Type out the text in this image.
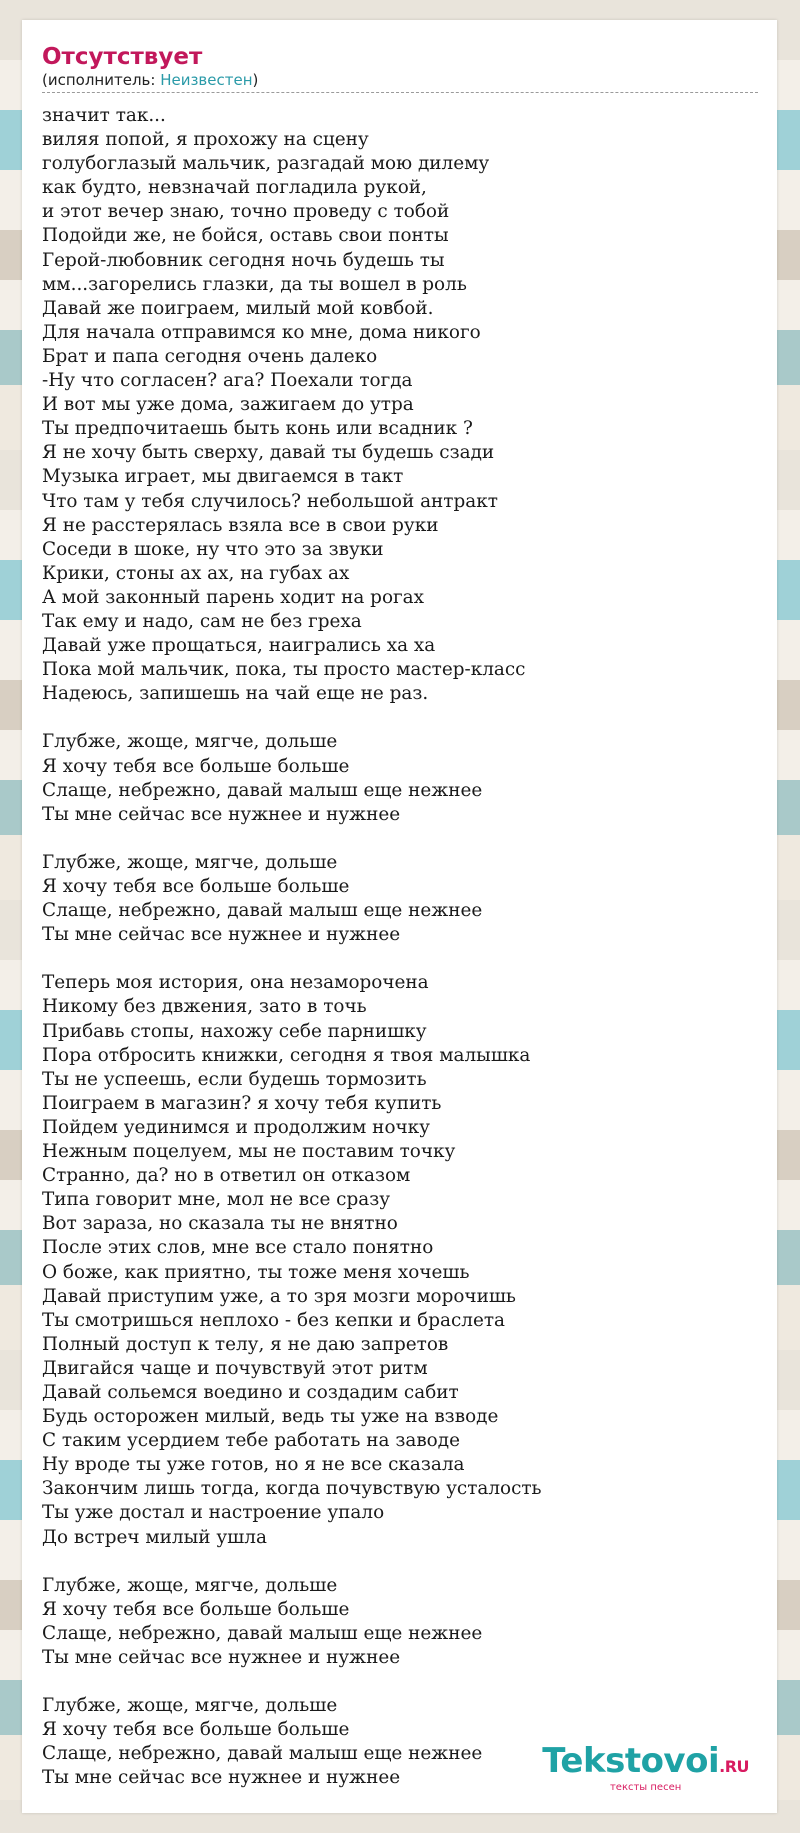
Отсутствует
(исполнитель: Неизвестен)
значит так...
виляя попой, я прохожу на сцену
голубоглазый мальчик, разгадай мою дилему
как будто, невзначай погладила рукой,
и этот вечер знаю, точно проведу с тобой
Подойди же, не бойся, оставь свои понты
Герой-любовник сегодня ночь будешь ты
мм...загорелись глазки, да ты вошел в роль
Давай же поиграем, милый мой ковбой.
Для начала отправимся ко мне, дома никого
Брат и папа сегодня очень далеко
-Ну что согласен? ага? Поехали тогда
И вот мы уже дома, зажигаем до утра
Ты предпочитаешь быть конь или всадник ?
Я не хочу быть сверху, давай ты будешь сзади
Музыка играет, мы двигаемся в такт
Что там у тебя случилось? небольшой антракт
Я не расстерялась взяла все в свои руки
Соседи в шоке, ну что это за звуки
Крики, стоны ах ах, на губах ах
А мой законный парень ходит на рогах
Так ему и надо, сам не без греха
Давай уже прощаться, наигрались ха ха
Пока мой мальчик, пока, ты просто мастер-класс
Надеюсь, запишешь на чай еще не раз.
Глубже, жоще, мягче, дольше
Я хочу тебя все больше больше
Слаще, небрежно, давай малыш еще нежнее
Ты мне сейчас все нужнее и нужнее
Глубже, жоще, мягче, дольше
Я хочу тебя все больше больше
Слаще, небрежно, давай малыш еще нежнее
Ты мне сейчас все нужнее и нужнее
Теперь моя история, она незаморочена
Никому без двжения, зато в точь
Прибавь стопы, нахожу себе парнишку
Пора отбросить книжки, сегодня я твоя малышка
Ты не успеешь, если будешь тормозить
Поиграем в магазин? я хочу тебя купить
Пойдем уединимся и продолжим ночку
Нежным поцелуем, мы не поставим точку
Странно, да? но в ответил он отказом
Типа говорит мне, мол не все сразу
Вот зараза, но сказала ты не внятно
После этих слов, мне все стало понятно
О боже, как приятно, ты тоже меня хочешь
Давай приступим уже, а то зря мозги морочишь
Ты смотришься неплохо - без кепки и браслета
Полный доступ к телу, я не даю запретов
Двигайся чаще и почувствуй этот ритм
Давай сольемся воедино и создадим сабит
Будь осторожен милый, ведь ты уже на взводе
С таким усердием тебе работать на заводе
Ну вроде ты уже готов, но я не все сказала
Закончим лишь тогда, когда почувствую усталость
Ты уже достал и настроение упало
До встреч милый ушла
Глубже, жоще, мягче, дольше
Я хочу тебя все больше больше
Слаще, небрежно, давай малыш еще нежнее
Ты мне сейчас все нужнее и нужнее
Глубже, жоще, мягче, дольше
Я хочу тебя все больше больше
Слаще, небрежно, давай малыш еще нежнее
Ты мне сейчас все нужнее и нужнее	Tekstovoi.RU
тексты песен
